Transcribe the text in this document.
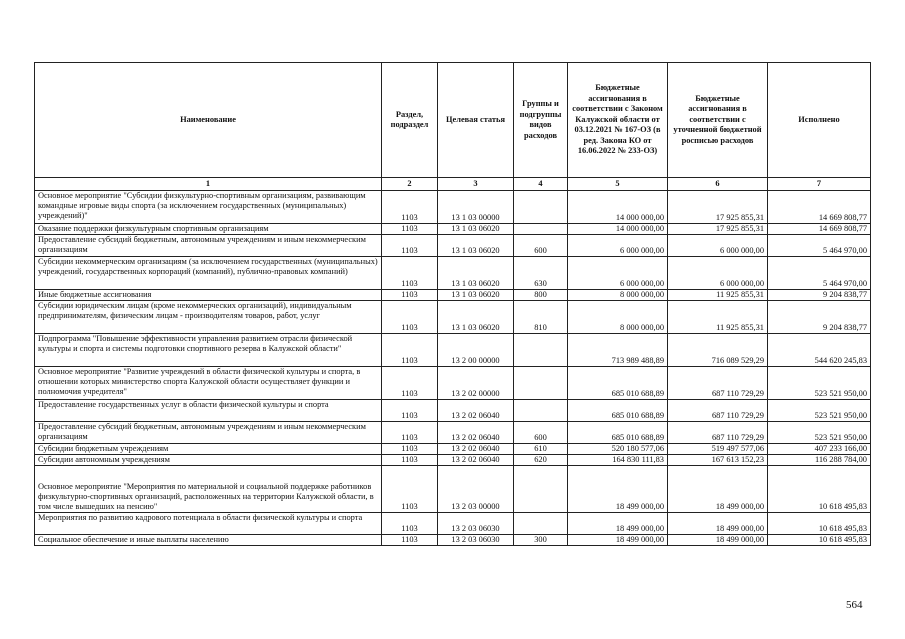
Наименование	Раздел, подраздел	Целевая статья	Группы и подгруппы видов расходов	Бюджетные ассигнования в соответствии с Законом Калужской области от 03.12.2021 № 167-ОЗ (в ред. Закона КО от 16.06.2022 № 233-ОЗ)	Бюджетные ассигнования в соответствии с уточненной бюджетной росписью расходов	Исполнено
1	2	3	4	5	6	7
Основное мероприятие "Субсидии физкультурно-спортивным организациям, развивающим командные игровые виды спорта (за исключением государственных (муниципальных) учреждений)"	1103	13 1 03 00000		14 000 000,00	17 925 855,31	14 669 808,77
Оказание поддержки физкультурным спортивным организациям	1103	13 1 03 06020		14 000 000,00	17 925 855,31	14 669 808,77
Предоставление субсидий бюджетным, автономным учреждениям и иным некоммерческим организациям	1103	13 1 03 06020	600	6 000 000,00	6 000 000,00	5 464 970,00
Субсидии некоммерческим организациям (за исключением государственных (муниципальных) учреждений, государственных корпораций (компаний), публично-правовых компаний)	1103	13 1 03 06020	630	6 000 000,00	6 000 000,00	5 464 970,00
Иные бюджетные ассигнования	1103	13 1 03 06020	800	8 000 000,00	11 925 855,31	9 204 838,77
Субсидии юридическим лицам (кроме некоммерческих организаций), индивидуальным предпринимателям, физическим лицам - производителям товаров, работ, услуг	1103	13 1 03 06020	810	8 000 000,00	11 925 855,31	9 204 838,77
Подпрограмма "Повышение эффективности управления развитием отрасли физической культуры и спорта и системы подготовки спортивного резерва в Калужской области"	1103	13 2 00 00000		713 989 488,89	716 089 529,29	544 620 245,83
Основное мероприятие "Развитие учреждений в области физической культуры и спорта, в отношении которых министерство спорта Калужской области осуществляет функции и полномочия учредителя"	1103	13 2 02 00000		685 010 688,89	687 110 729,29	523 521 950,00
Предоставление государственных услуг в области физической культуры и спорта	1103	13 2 02 06040		685 010 688,89	687 110 729,29	523 521 950,00
Предоставление субсидий бюджетным, автономным учреждениям и иным некоммерческим организациям	1103	13 2 02 06040	600	685 010 688,89	687 110 729,29	523 521 950,00
Субсидии бюджетным учреждениям	1103	13 2 02 06040	610	520 180 577,06	519 497 577,06	407 233 166,00
Субсидии автономным учреждениям	1103	13 2 02 06040	620	164 830 111,83	167 613 152,23	116 288 784,00
Основное мероприятие "Мероприятия по материальной и социальной поддержке работников физкультурно-спортивных организаций, расположенных на территории Калужской области, в том числе вышедших на пенсию"	1103	13 2 03 00000		18 499 000,00	18 499 000,00	10 618 495,83
Мероприятия по развитию кадрового потенциала в области физической культуры и спорта	1103	13 2 03 06030		18 499 000,00	18 499 000,00	10 618 495,83
Социальное обеспечение и иные выплаты населению	1103	13 2 03 06030	300	18 499 000,00	18 499 000,00	10 618 495,83
564
